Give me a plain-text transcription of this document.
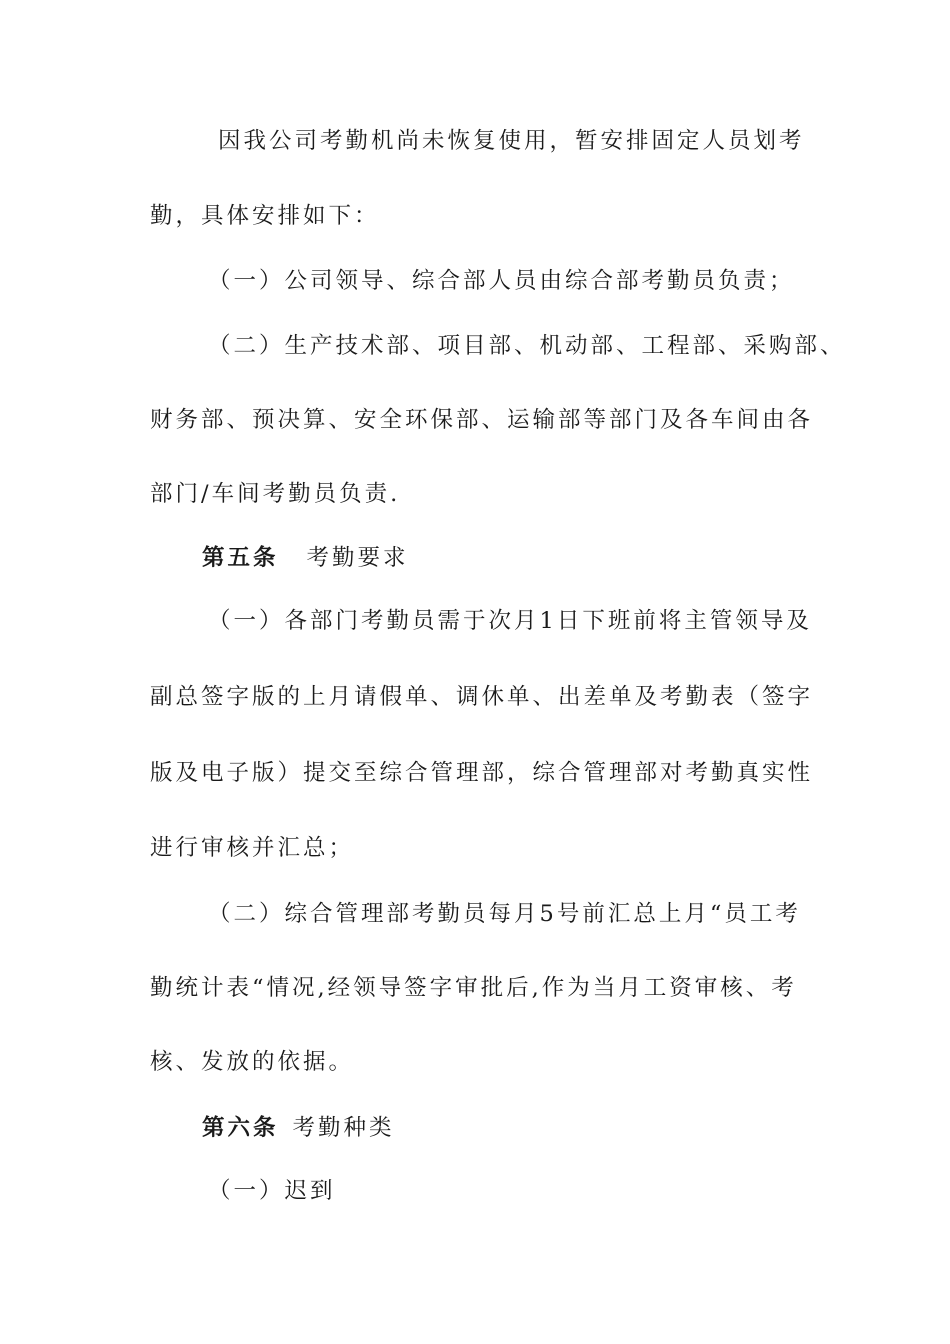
因我公司考勤机尚未恢复使用，暂安排固定人员划考
勤，具体安排如下：
（一）公司领导、综合部人员由综合部考勤员负责；
（二）生产技术部、项目部、机动部、工程部、采购部、
财务部、预决算、安全环保部、运输部等部门及各车间由各
部门/车间考勤员负责.
第五条 考勤要求
（一）各部门考勤员需于次月1日下班前将主管领导及
副总签字版的上月请假单、调休单、出差单及考勤表（签字
版及电子版）提交至综合管理部，综合管理部对考勤真实性
进行审核并汇总；
（二）综合管理部考勤员每月5号前汇总上月“员工考
勤统计表“情况,经领导签字审批后,作为当月工资审核、考
核、发放的依据。
第六条 考勤种类
（一）迟到
